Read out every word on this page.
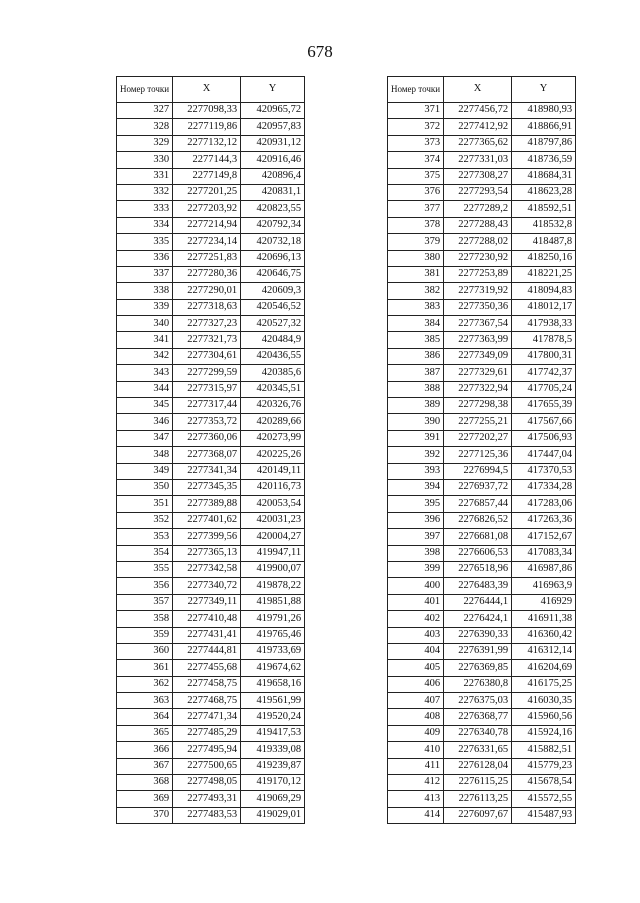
678
Номер точки	X	Y
327	2277098,33	420965,72
328	2277119,86	420957,83
329	2277132,12	420931,12
330	2277144,3	420916,46
331	2277149,8	420896,4
332	2277201,25	420831,1
333	2277203,92	420823,55
334	2277214,94	420792,34
335	2277234,14	420732,18
336	2277251,83	420696,13
337	2277280,36	420646,75
338	2277290,01	420609,3
339	2277318,63	420546,52
340	2277327,23	420527,32
341	2277321,73	420484,9
342	2277304,61	420436,55
343	2277299,59	420385,6
344	2277315,97	420345,51
345	2277317,44	420326,76
346	2277353,72	420289,66
347	2277360,06	420273,99
348	2277368,07	420225,26
349	2277341,34	420149,11
350	2277345,35	420116,73
351	2277389,88	420053,54
352	2277401,62	420031,23
353	2277399,56	420004,27
354	2277365,13	419947,11
355	2277342,58	419900,07
356	2277340,72	419878,22
357	2277349,11	419851,88
358	2277410,48	419791,26
359	2277431,41	419765,46
360	2277444,81	419733,69
361	2277455,68	419674,62
362	2277458,75	419658,16
363	2277468,75	419561,99
364	2277471,34	419520,24
365	2277485,29	419417,53
366	2277495,94	419339,08
367	2277500,65	419239,87
368	2277498,05	419170,12
369	2277493,31	419069,29
370	2277483,53	419029,01
Номер точки	X	Y
371	2277456,72	418980,93
372	2277412,92	418866,91
373	2277365,62	418797,86
374	2277331,03	418736,59
375	2277308,27	418684,31
376	2277293,54	418623,28
377	2277289,2	418592,51
378	2277288,43	418532,8
379	2277288,02	418487,8
380	2277230,92	418250,16
381	2277253,89	418221,25
382	2277319,92	418094,83
383	2277350,36	418012,17
384	2277367,54	417938,33
385	2277363,99	417878,5
386	2277349,09	417800,31
387	2277329,61	417742,37
388	2277322,94	417705,24
389	2277298,38	417655,39
390	2277255,21	417567,66
391	2277202,27	417506,93
392	2277125,36	417447,04
393	2276994,5	417370,53
394	2276937,72	417334,28
395	2276857,44	417283,06
396	2276826,52	417263,36
397	2276681,08	417152,67
398	2276606,53	417083,34
399	2276518,96	416987,86
400	2276483,39	416963,9
401	2276444,1	416929
402	2276424,1	416911,38
403	2276390,33	416360,42
404	2276391,99	416312,14
405	2276369,85	416204,69
406	2276380,8	416175,25
407	2276375,03	416030,35
408	2276368,77	415960,56
409	2276340,78	415924,16
410	2276331,65	415882,51
411	2276128,04	415779,23
412	2276115,25	415678,54
413	2276113,25	415572,55
414	2276097,67	415487,93
